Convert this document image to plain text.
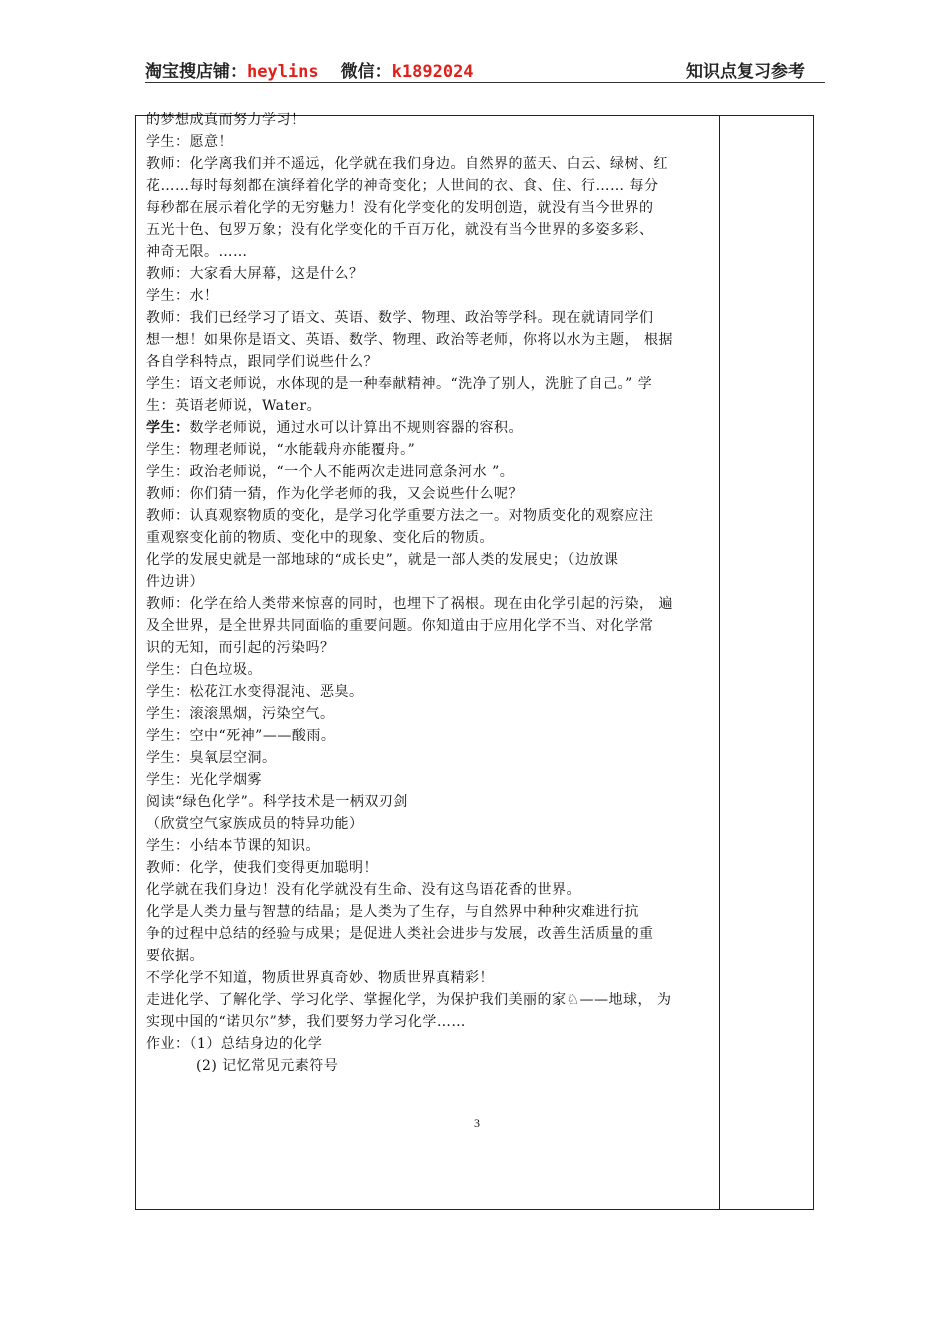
淘宝搜店铺：heylins 微信：k1892024	知识点复习参考
的梦想成真而努力学习！
学生：愿意！
教师：化学离我们并不遥远，化学就在我们身边。自然界的蓝天、白云、绿树、红
花……每时每刻都在演绎着化学的神奇变化；人世间的衣、食、住、行…… 每分
每秒都在展示着化学的无穷魅力！没有化学变化的发明创造，就没有当今世界的
五光十色、包罗万象；没有化学变化的千百万化，就没有当今世界的多姿多彩、
神奇无限。……
教师：大家看大屏幕，这是什么？
学生：水！
教师：我们已经学习了语文、英语、数学、物理、政治等学科。现在就请同学们
想一想！如果你是语文、英语、数学、物理、政治等老师，你将以水为主题， 根据
各自学科特点，跟同学们说些什么？
学生：语文老师说，水体现的是一种奉献精神。“洗净了别人，洗脏了自己。” 学
生：英语老师说，Water。
学生：数学老师说，通过水可以计算出不规则容器的容积。
学生：物理老师说，“水能载舟亦能覆舟。”
学生：政治老师说，“一个人不能两次走进同意条河水 ”。
教师：你们猜一猜，作为化学老师的我，又会说些什么呢？
教师：认真观察物质的变化，是学习化学重要方法之一。对物质变化的观察应注
重观察变化前的物质、变化中的现象、变化后的物质。
化学的发展史就是一部地球的“成长史”，就是一部人类的发展史；（边放课
件边讲）
教师：化学在给人类带来惊喜的同时，也埋下了祸根。现在由化学引起的污染， 遍
及全世界，是全世界共同面临的重要问题。你知道由于应用化学不当、对化学常
识的无知，而引起的污染吗？
学生：白色垃圾。
学生：松花江水变得混沌、恶臭。
学生：滚滚黑烟，污染空气。
学生：空中“死神”——酸雨。
学生：臭氧层空洞。
学生：光化学烟雾
阅读“绿色化学”。科学技术是一柄双刃剑
（欣赏空气家族成员的特异功能）
学生：小结本节课的知识。
教师：化学，使我们变得更加聪明！
化学就在我们身边！没有化学就没有生命、没有这鸟语花香的世界。
化学是人类力量与智慧的结晶；是人类为了生存，与自然界中种种灾难进行抗
争的过程中总结的经验与成果；是促进人类社会进步与发展，改善生活质量的重
要依据。
不学化学不知道，物质世界真奇妙、物质世界真精彩！
走进化学、了解化学、学习化学、掌握化学，为保护我们美丽的家♘——地球， 为
实现中国的“诺贝尔”梦，我们要努力学习化学……
作业：（1）总结身边的化学
(2) 记忆常见元素符号
3
